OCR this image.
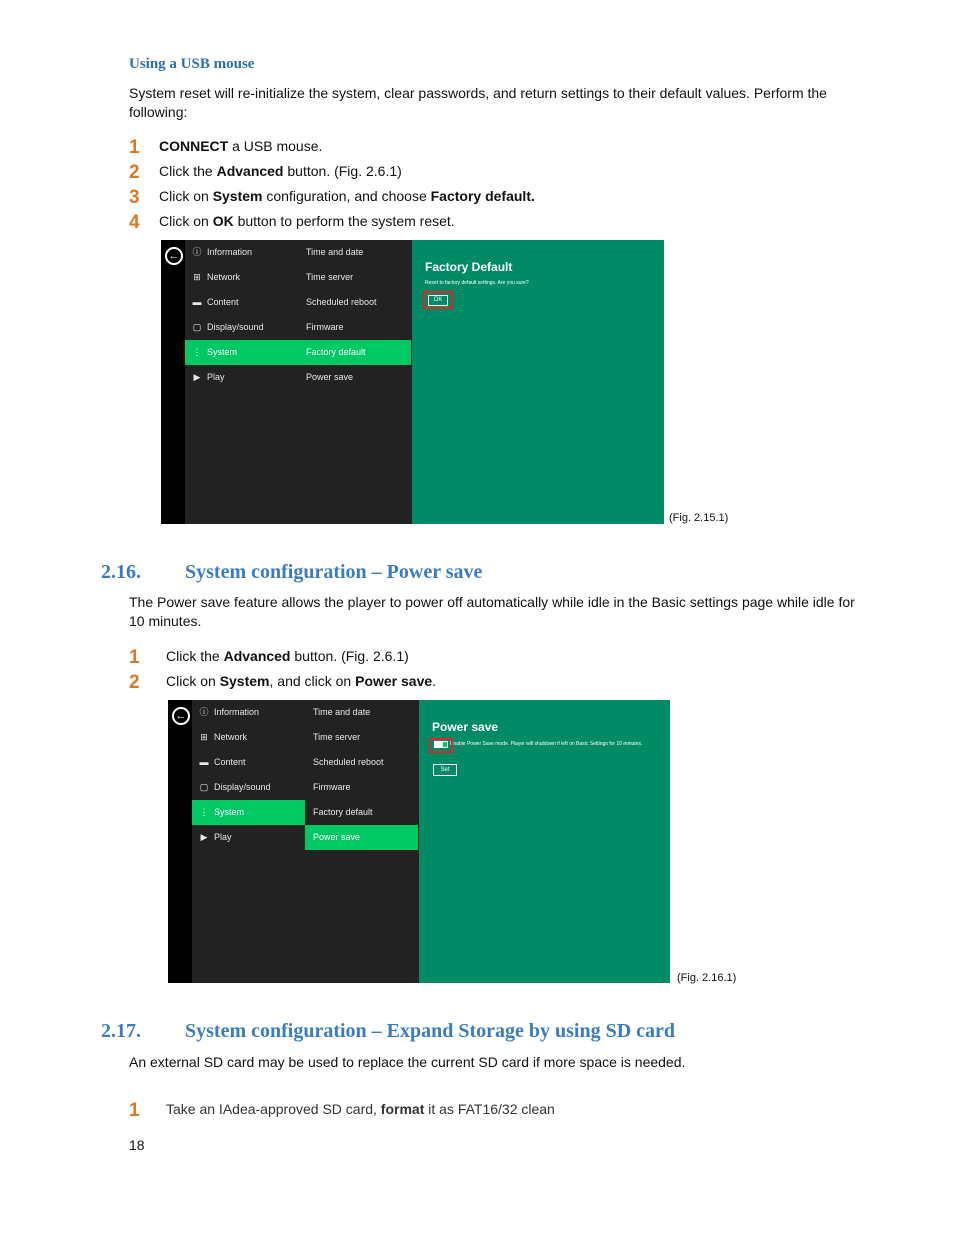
Using a USB mouse
System reset will re-initialize the system, clear passwords, and return settings to their default values. Perform the following:
1 CONNECT a USB mouse.
2 Click the Advanced button. (Fig. 2.6.1)
3 Click on System configuration, and choose Factory default.
4 Click on OK button to perform the system reset.
←	ⓘ Information	Time and date
⊞ Network	Time server
▬ Content	Scheduled reboot
▢ Display/sound	Firmware
⋮ System	Factory default
▶ Play	Power save
Factory Default
Reset to factory default settings. Are you sure?
OK
(Fig. 2.15.1)
2.16. System configuration – Power save
The Power save feature allows the player to power off automatically while idle in the Basic settings page while idle for 10 minutes.
1 Click the Advanced button. (Fig. 2.6.1)
2 Click on System, and click on Power save.
←	ⓘ Information	Time and date
⊞ Network	Time server
▬ Content	Scheduled reboot
▢ Display/sound	Firmware
⋮ System	Factory default
▶ Play	Power save
Power save
Enable Power Save mode. Player will shutdown if left on Basic Settings for 10 minutes.
Set
(Fig. 2.16.1)
2.17. System configuration – Expand Storage by using SD card
An external SD card may be used to replace the current SD card if more space is needed.
1 Take an IAdea-approved SD card, format it as FAT16/32 clean
18
